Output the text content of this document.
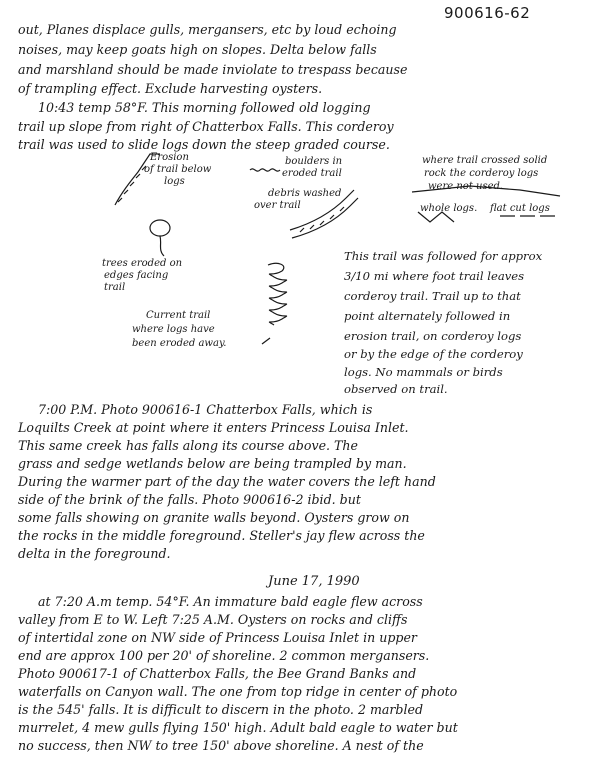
900616-62
out, Planes displace gulls, mergansers, etc by loud echoing
noises, may keep goats high on slopes. Delta below falls
and marshland should be made inviolate to trespass because
of trampling effect. Exclude harvesting oysters.
10:43 temp 58°F. This morning followed old logging
trail up slope from right of Chatterbox Falls. This corderoy
trail was used to slide logs down the steep graded course.
Erosion
of trail below
logs
boulders in
eroded trail
debris washed
over trail
where trail crossed solid
rock the corderoy logs
were not used.
whole logs. flat cut logs
trees eroded on
edges facing
trail
Current trail
where logs have
been eroded away.
This trail was followed for approx
3/10 mi where foot trail leaves
corderoy trail. Trail up to that
point alternately followed in
erosion trail, on corderoy logs
or by the edge of the corderoy
logs. No mammals or birds
observed on trail.
7:00 P.M. Photo 900616-1 Chatterbox Falls, which is
Loquilts Creek at point where it enters Princess Louisa Inlet.
This same creek has falls along its course above. The
grass and sedge wetlands below are being trampled by man.
During the warmer part of the day the water covers the left hand
side of the brink of the falls. Photo 900616-2 ibid. but
some falls showing on granite walls beyond. Oysters grow on
the rocks in the middle foreground. Steller's jay flew across the
delta in the foreground.
June 17, 1990
at 7:20 A.m temp. 54°F. An immature bald eagle flew across
valley from E to W. Left 7:25 A.M. Oysters on rocks and cliffs
of intertidal zone on NW side of Princess Louisa Inlet in upper
end are approx 100 per 20' of shoreline. 2 common mergansers.
Photo 900617-1 of Chatterbox Falls, the Bee Grand Banks and
waterfalls on Canyon wall. The one from top ridge in center of photo
is the 545' falls. It is difficult to discern in the photo. 2 marbled
murrelet, 4 mew gulls flying 150' high. Adult bald eagle to water but
no success, then NW to tree 150' above shoreline. A nest of the
